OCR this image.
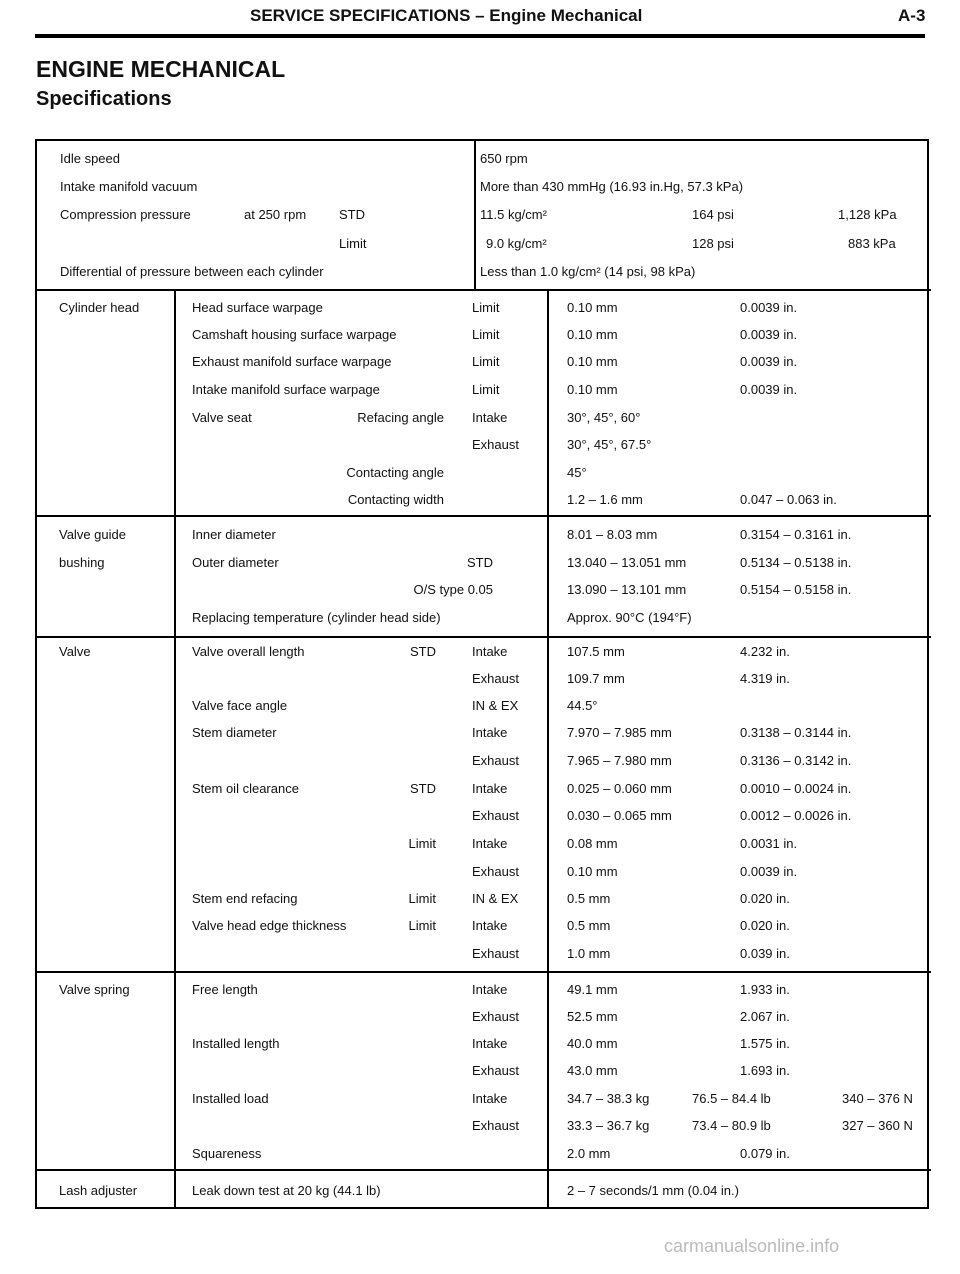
SERVICE SPECIFICATIONS – Engine Mechanical	A-3
ENGINE MECHANICAL
Specifications
Idle speed	650 rpm
Intake manifold vacuum	More than 430 mmHg (16.93 in.Hg, 57.3 kPa)
Compression pressure	at 250 rpm	STD	11.5 kg/cm²	164 psi	1,128 kPa
Limit	9.0 kg/cm²	128 psi	883 kPa
Differential of pressure between each cylinder	Less than 1.0 kg/cm² (14 psi, 98 kPa)
Cylinder head	Head surface warpage	Limit	0.10 mm	0.0039 in.
Camshaft housing surface warpage	Limit	0.10 mm	0.0039 in.
Exhaust manifold surface warpage	Limit	0.10 mm	0.0039 in.
Intake manifold surface warpage	Limit	0.10 mm	0.0039 in.
Valve seat	Refacing angle Intake	30°, 45°, 60°
Exhaust	30°, 45°, 67.5°
Contacting angle	45°
Contacting width	1.2 – 1.6 mm	0.047 – 0.063 in.
Valve guide
bushing
Inner diameter	8.01 – 8.03 mm	0.3154 – 0.3161 in.
Outer diameter	STD	13.040 – 13.051 mm	0.5134 – 0.5138 in.
O/S type 0.05	13.090 – 13.101 mm	0.5154 – 0.5158 in.
Replacing temperature (cylinder head side)	Approx. 90°C (194°F)
Valve	Valve overall length	STD	Intake	107.5 mm	4.232 in.
Exhaust	109.7 mm	4.319 in.
Valve face angle	IN & EX	44.5°
Stem diameter	Intake	7.970 – 7.985 mm	0.3138 – 0.3144 in.
Exhaust	7.965 – 7.980 mm	0.3136 – 0.3142 in.
Stem oil clearance	STD	Intake	0.025 – 0.060 mm	0.0010 – 0.0024 in.
Exhaust	0.030 – 0.065 mm	0.0012 – 0.0026 in.
Limit	Intake	0.08 mm	0.0031 in.
Exhaust	0.10 mm	0.0039 in.
Stem end refacing	Limit	IN & EX	0.5 mm	0.020 in.
Valve head edge thickness	Limit	Intake	0.5 mm	0.020 in.
Exhaust	1.0 mm	0.039 in.
Valve spring	Free length	Intake	49.1 mm	1.933 in.
Exhaust	52.5 mm	2.067 in.
Installed length	Intake	40.0 mm	1.575 in.
Exhaust	43.0 mm	1.693 in.
Installed load	Intake	34.7 – 38.3 kg	76.5 – 84.4 lb	340 – 376 N
Exhaust	33.3 – 36.7 kg	73.4 – 80.9 lb	327 – 360 N
Squareness	2.0 mm	0.079 in.
Lash adjuster	Leak down test at 20 kg (44.1 lb)	2 – 7 seconds/1 mm (0.04 in.)
carmanualsonline.info
